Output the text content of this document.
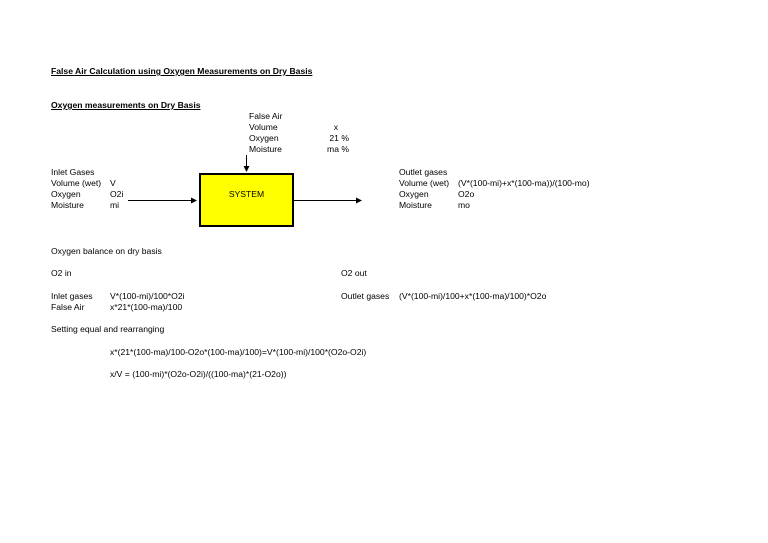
False Air Calculation using Oxygen Measurements on Dry Basis
Oxygen measurements on Dry Basis
False Air
Volume	x
Oxygen	21 %
Moisture	ma %
Inlet Gases
Volume (wet) V
Oxygen	O2i
Moisture	mi
SYSTEM
Outlet gases
Volume (wet) (V*(100-mi)+x*(100-ma))/(100-mo)
Oxygen	O2o
Moisture	mo
Oxygen balance on dry basis
O2 in	O2 out
Inlet gases V*(100-mi)/100*O2i
False Air	x*21*(100-ma)/100
Outlet gases (V*(100-mi)/100+x*(100-ma)/100)*O2o
Setting equal and rearranging
x*(21*(100-ma)/100-O2o*(100-ma)/100)=V*(100-mi)/100*(O2o-O2i)
x/V = (100-mi)*(O2o-O2i)/((100-ma)*(21-O2o))
